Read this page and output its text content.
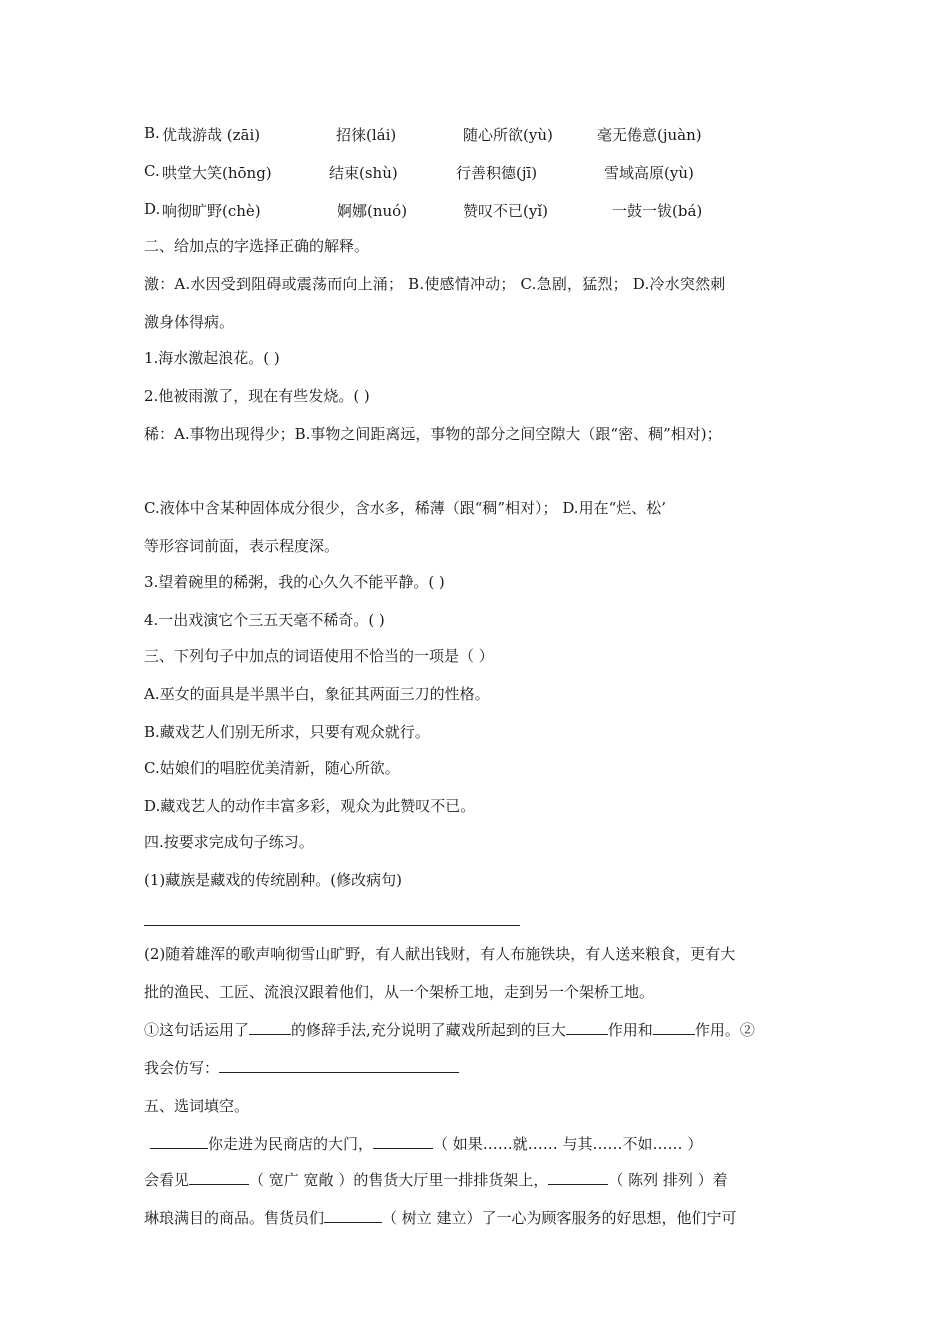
B. 优哉游哉 (zāi)	招徕(lái)	随心所欲(yù)	毫无倦意(juàn)
C. 哄堂大笑(hōng)	结束(shù)	行善积德(jī)	雪域高原(yù)
D. 响彻旷野(chè)	婀娜(nuó)	赞叹不已(yǐ)	一鼓一钹(bá)
二、给加点的字选择正确的解释。
激：A.水因受到阻碍或震荡而向上涌； B.使感情冲动； C.急剧，猛烈； D.冷水突然刺
激身体得病。
1.海水激起浪花。( )
2.他被雨激了，现在有些发烧。( )
稀：A.事物出现得少；B.事物之间距离远，事物的部分之间空隙大（跟“密、稠”相对)；
C.液体中含某种固体成分很少，含水多，稀薄（跟“稠”相对）； D.用在“烂、松’
等形容词前面，表示程度深。
3.望着碗里的稀粥，我的心久久不能平静。( )
4.一出戏演它个三五天毫不稀奇。( )
三、下列句子中加点的词语使用不恰当的一项是（ ）
A.巫女的面具是半黑半白，象征其两面三刀的性格。
B.藏戏艺人们别无所求，只要有观众就行。
C.姑娘们的唱腔优美清新，随心所欲。
D.藏戏艺人的动作丰富多彩，观众为此赞叹不已。
四.按要求完成句子练习。
(1)藏族是藏戏的传统剧种。(修改病句)
(2)随着雄浑的歌声响彻雪山旷野，有人献出钱财，有人布施铁块，有人送来粮食，更有大
批的渔民、工匠、流浪汉跟着他们，从一个架桥工地，走到另一个架桥工地。
①这句话运用了	的修辞手法,充分说明了藏戏所起到的巨大	作用和	作用。②
我会仿写：
五、选词填空。
你走进为民商店的大门，	（ 如果……就…… 与其……不如…… ）
会看见	（ 宽广 宽敞 ）的售货大厅里一排排货架上，	（ 陈列 排列 ）着
琳琅满目的商品。售货员们	（ 树立 建立）了一心为顾客服务的好思想，他们宁可
